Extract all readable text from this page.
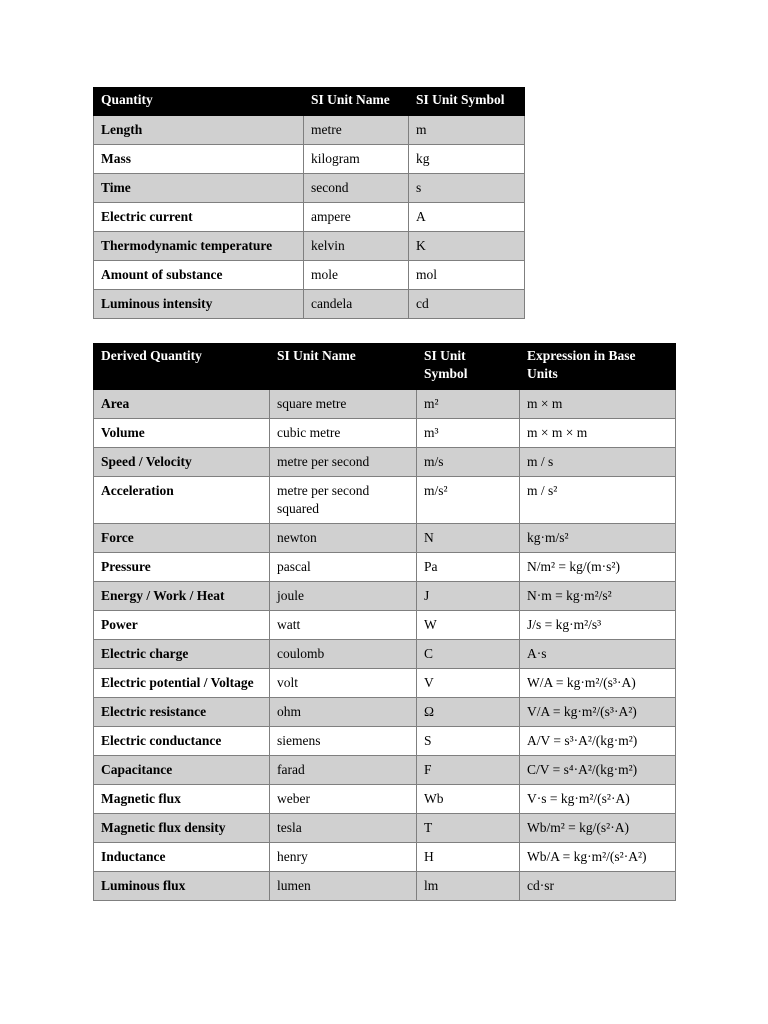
Quantity	SI Unit Name	SI Unit Symbol
Length	metre	m
Mass	kilogram	kg
Time	second	s
Electric current	ampere	A
Thermodynamic temperature	kelvin	K
Amount of substance	mole	mol
Luminous intensity	candela	cd
Derived Quantity	SI Unit Name	SI Unit Symbol	Expression in Base Units
Area	square metre	m²	m × m
Volume	cubic metre	m³	m × m × m
Speed / Velocity	metre per second	m/s	m / s
Acceleration	metre per second squared	m/s²	m / s²
Force	newton	N	kg·m/s²
Pressure	pascal	Pa	N/m² = kg/(m·s²)
Energy / Work / Heat	joule	J	N·m = kg·m²/s²
Power	watt	W	J/s = kg·m²/s³
Electric charge	coulomb	C	A·s
Electric potential / Voltage	volt	V	W/A = kg·m²/(s³·A)
Electric resistance	ohm	Ω	V/A = kg·m²/(s³·A²)
Electric conductance	siemens	S	A/V = s³·A²/(kg·m²)
Capacitance	farad	F	C/V = s⁴·A²/(kg·m²)
Magnetic flux	weber	Wb	V·s = kg·m²/(s²·A)
Magnetic flux density	tesla	T	Wb/m² = kg/(s²·A)
Inductance	henry	H	Wb/A = kg·m²/(s²·A²)
Luminous flux	lumen	lm	cd·sr
